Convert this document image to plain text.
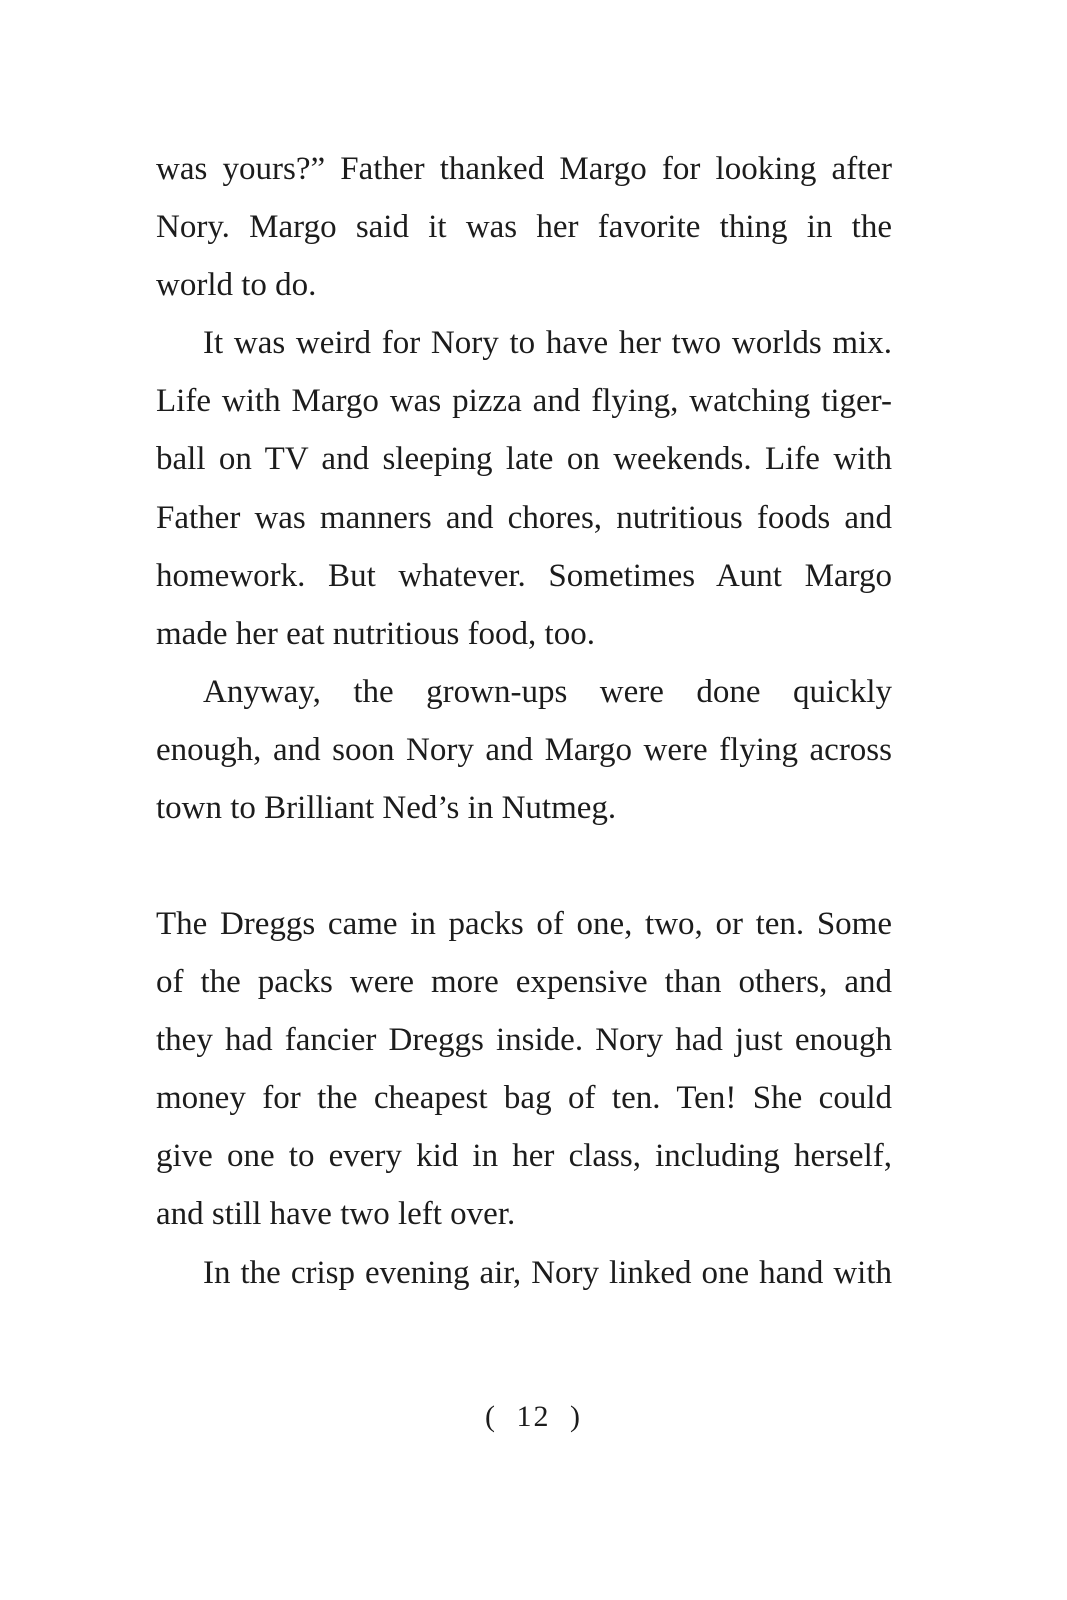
was yours?” Father thanked Margo for looking after
Nory. Margo said it was her favorite thing in the
world to do.
It was weird for Nory to have her two worlds mix.
Life with Margo was pizza and flying, watching tiger-
ball on TV and sleeping late on weekends. Life with
Father was manners and chores, nutritious foods and
homework. But whatever. Sometimes Aunt Margo
made her eat nutritious food, too.
Anyway, the grown-ups were done quickly
enough, and soon Nory and Margo were flying across
town to Brilliant Ned’s in Nutmeg.
The Dreggs came in packs of one, two, or ten. Some
of the packs were more expensive than others, and
they had fancier Dreggs inside. Nory had just enough
money for the cheapest bag of ten. Ten! She could
give one to every kid in her class, including herself,
and still have two left over.
In the crisp evening air, Nory linked one hand with
( 12 )
